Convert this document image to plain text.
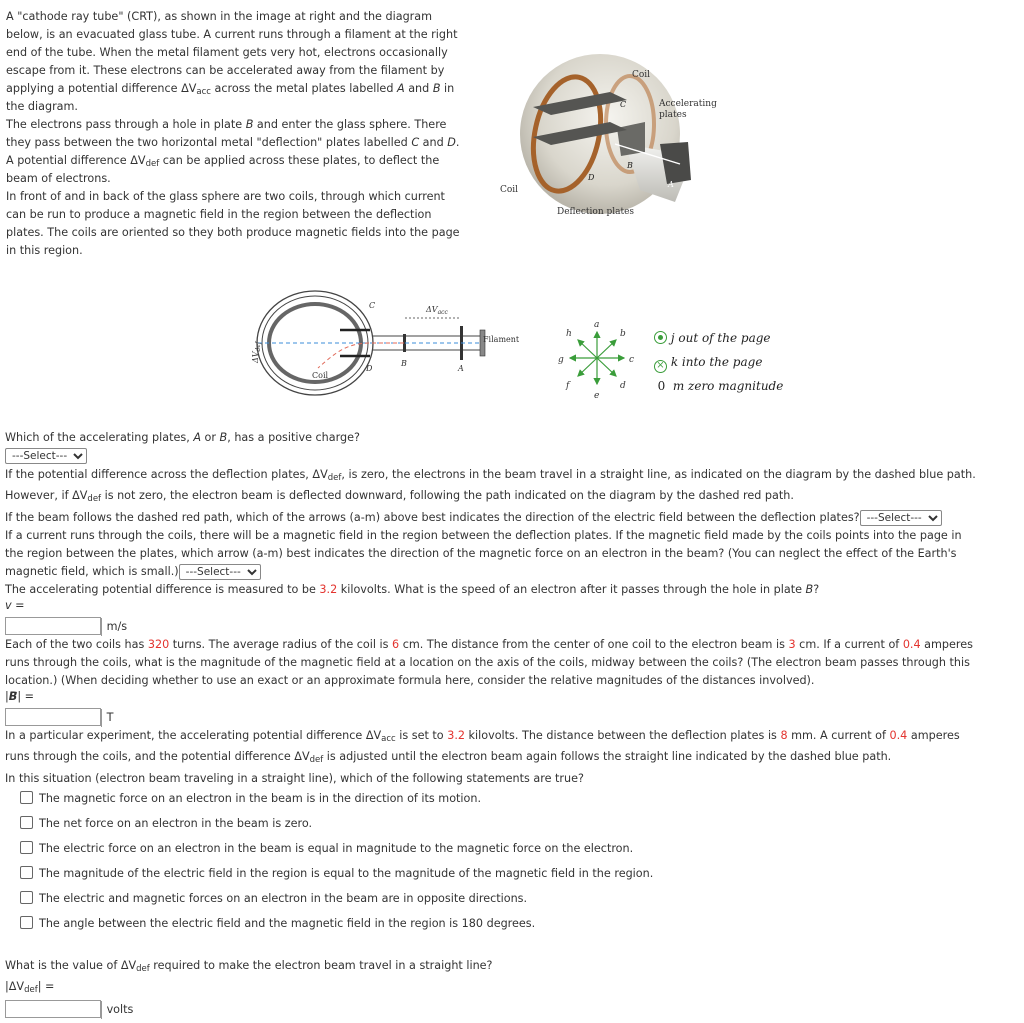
A "cathode ray tube" (CRT), as shown in the image at right and the diagram
below, is an evacuated glass tube. A current runs through a filament at the right
end of the tube. When the metal filament gets very hot, electrons occasionally
escape from it. These electrons can be accelerated away from the filament by
applying a potential difference $\Delta V_{acc}$ across the metal plates labelled A and B in
the diagram.
The electrons pass through a hole in plate B and enter the glass sphere. There
they pass between the two horizontal metal "deflection" plates labelled C and D.
A potential difference $\Delta V_{def}$ can be applied across these plates, to deflect the
beam of electrons.
In front of and in back of the glass sphere are two coils, through which current
can be run to produce a magnetic field in the region between the deflection
plates. The coils are oriented so they both produce magnetic fields into the page
in this region.
Coil
Accelerating
plates
Coil
Deflection plates
C
B
D
A
$\Delta V_{acc}$
$\Delta V_{def}$
Filament
Coil
C
D
B
A
a
b
c
d
e
f
g
h	j out of the page
× k into the page
0 m zero magnitude
Which of the accelerating plates, A or B, has a positive charge?
---Select---
If the potential difference across the deflection plates, $\Delta V_{def}$, is zero, the electrons in the beam travel in a straight line, as indicated on the diagram by the dashed blue path.
However, if $\Delta V_{def}$ is not zero, the electron beam is deflected downward, following the path indicated on the diagram by the dashed red path.
If the beam follows the dashed red path, which of the arrows (a-m) above best indicates the direction of the electric field between the deflection plates?
---Select---
If a current runs through the coils, there will be a magnetic field in the region between the deflection plates. If the magnetic field made by the coils points into the page in
the region between the plates, which arrow (a-m) best indicates the direction of the magnetic force on an electron in the beam? (You can neglect the effect of the Earth's
magnetic field, which is small.)
---Select---
The accelerating potential difference is measured to be 3.2 kilovolts. What is the speed of an electron after it passes through the hole in plate B?
v =
m/s
Each of the two coils has 320 turns. The average radius of the coil is 6 cm. The distance from the center of one coil to the electron beam is 3 cm. If a current of 0.4 amperes
runs through the coils, what is the magnitude of the magnetic field at a location on the axis of the coils, midway between the coils? (The electron beam passes through this
location.) (When deciding whether to use an exact or an approximate formula here, consider the relative magnitudes of the distances involved).
|B⃗| =
T
In a particular experiment, the accelerating potential difference $\Delta V_{acc}$ is set to 3.2 kilovolts. The distance between the deflection plates is 8 mm. A current of 0.4 amperes
runs through the coils, and the potential difference $\Delta V_{def}$ is adjusted until the electron beam again follows the straight line indicated by the dashed blue path.
In this situation (electron beam traveling in a straight line), which of the following statements are true?
The magnetic force on an electron in the beam is in the direction of its motion.
The net force on an electron in the beam is zero.
The electric force on an electron in the beam is equal in magnitude to the magnetic force on the electron.
The magnitude of the electric field in the region is equal to the magnitude of the magnetic field in the region.
The electric and magnetic forces on an electron in the beam are in opposite directions.
The angle between the electric field and the magnetic field in the region is 180 degrees.
What is the value of $\Delta V_{def}$ required to make the electron beam travel in a straight line?
$|\Delta V_{def}|$ =
volts
